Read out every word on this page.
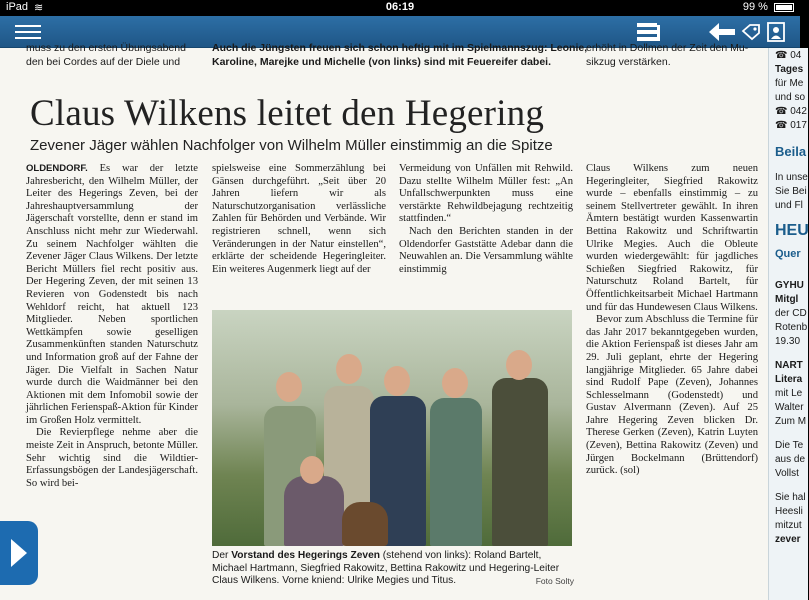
iPad ≋	06:19	99 %
muss zu den ersten Übungsabend
den bei Cordes auf der Diele und
Auch die Jüngsten freuen sich schon heftig mit im Spielmannszug: Leonie,
Karoline, Marejke und Michelle (von links) sind mit Feuereifer dabei.
erhöht in Dollmen der Zeit den Mu-
sikzug verstärken.
Claus Wilkens leitet den Hegering
Zevener Jäger wählen Nachfolger von Wilhelm Müller einstimmig an die Spitze

OLDENDORF. Es war der letzte Jahresbericht, den Wilhelm Müller, der Leiter des Hegerings Zeven, bei der Jahreshauptversammlung der Jägerschaft vorstellte, denn er stand im Anschluss nicht mehr zur Wiederwahl. Zu seinem Nachfolger wählten die Zevener Jäger Claus Wilkens. Der letzte Bericht Müllers fiel recht positiv aus. Der Hegering Zeven, der mit seinen 13 Revieren von Godenstedt bis nach Wehldorf reicht, hat aktuell 123 Mitglieder. Neben sportlichen Wettkämpfen sowie geselligen Zusammenkünften standen Naturschutz und Information groß auf der Fahne der Jäger. Die Vielfalt in Sachen Natur wurde durch die Waidmänner bei den Aktionen mit dem Infomobil sowie der jährlichen Ferienspaß-Aktion für Kinder im Großen Holz vermittelt.

Die Revierpflege nehme aber die meiste Zeit in Anspruch, betonte Müller. Sehr wichtig sind die Wildtier-Erfassungsbögen der Landesjägerschaft. So wird bei-

spielsweise eine Sommerzählung bei Gänsen durchgeführt. „Seit über 20 Jahren liefern wir als Naturschutzorganisation verlässliche Zahlen für Behörden und Verbände. Wir registrieren schnell, wenn sich Veränderungen in der Natur einstellen“, erklärte der scheidende Hegeringleiter. Ein weiteres Augenmerk liegt auf der

Vermeidung von Unfällen mit Rehwild. Dazu stellte Wilhelm Müller fest: „An Unfallschwerpunkten muss eine verstärkte Rehwildbejagung rechtzeitig stattfinden.“

Nach den Berichten standen in der Oldendorfer Gaststätte Adebar dann die Neuwahlen an. Die Versammlung wählte einstimmig

Claus Wilkens zum neuen Hegeringleiter, Siegfried Rakowitz wurde – ebenfalls einstimmig – zu seinem Stellvertreter gewählt. In ihren Ämtern bestätigt wurden Kassenwartin Bettina Rakowitz und Schriftwartin Ulrike Megies. Auch die Obleute wurden wiedergewählt: für jagdliches Schießen Siegfried Rakowitz, für Naturschutz Roland Bartelt, für Öffentlichkeitsarbeit Michael Hartmann und für das Hundewesen Claus Wilkens.

Bevor zum Abschluss die Termine für das Jahr 2017 bekanntgegeben wurden, die Aktion Ferienspaß ist dieses Jahr am 29. Juli geplant, ehrte der Hegering langjährige Mitglieder. 65 Jahre dabei sind Rudolf Pape (Zeven), Johannes Schlesselmann (Godenstedt) und Gustav Alvermann (Zeven). Auf 25 Jahre Hegering Zeven blicken Dr. Therese Gerken (Zeven), Katrin Luyten (Zeven), Bettina Rakowitz (Zeven) und Jürgen Bockelmann (Brüttendorf) zurück. (sol)

Der Vorstand des Hegerings Zeven (stehend von links): Roland Bartelt, Michael Hartmann, Siegfried Rakowitz, Bettina Rakowitz und Hegering-Leiter Claus Wilkens. Vorne kniend: Ulrike Megies und Titus.	Foto Solty
☎ 04
Tages
für Me
und so
☎ 042
☎ 017
Beila
In unse
Sie Bei
und Fl
HEU
Quer
GYHU
Mitgl
der CD
Rotenb
19.30
NART
Litera
mit Le
Walter
Zum M
Die Te
aus de
Vollst
Sie hal
Heesli
mitzut
zever
